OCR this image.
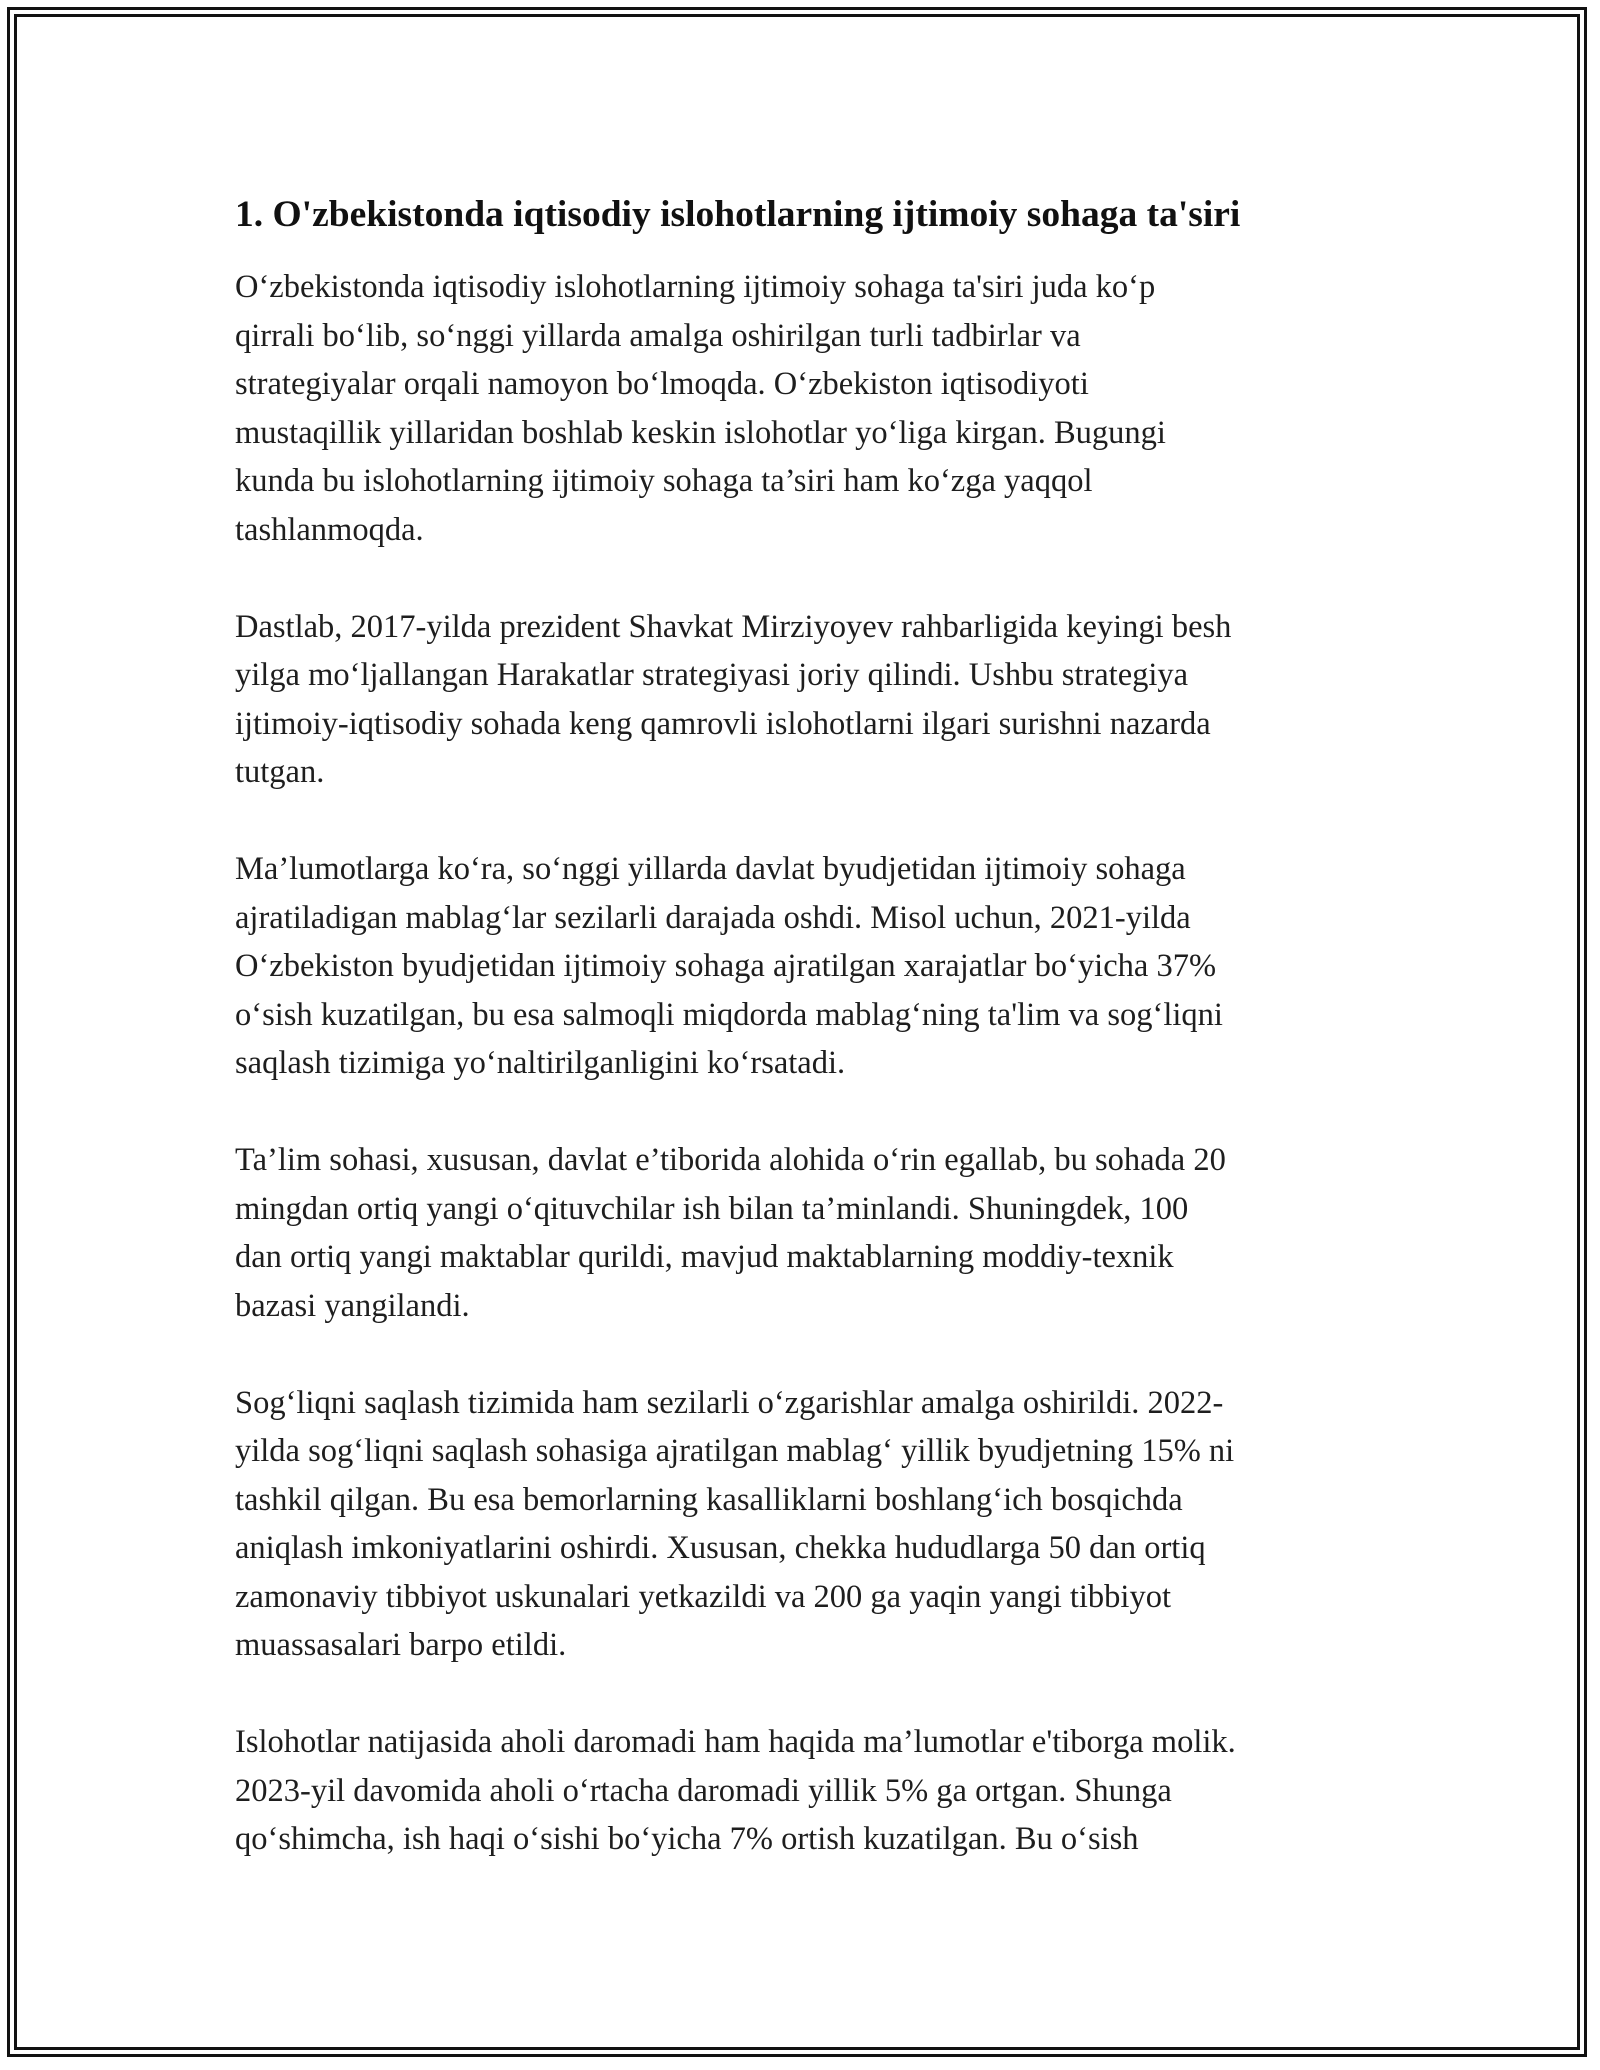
1. O'zbekistonda iqtisodiy islohotlarning ijtimoiy sohaga ta'siri

O‘zbekistonda iqtisodiy islohotlarning ijtimoiy sohaga ta'siri juda ko‘p
qirrali bo‘lib, so‘nggi yillarda amalga oshirilgan turli tadbirlar va
strategiyalar orqali namoyon bo‘lmoqda. O‘zbekiston iqtisodiyoti
mustaqillik yillaridan boshlab keskin islohotlar yo‘liga kirgan. Bugungi
kunda bu islohotlarning ijtimoiy sohaga ta’siri ham ko‘zga yaqqol
tashlanmoqda.

Dastlab, 2017-yilda prezident Shavkat Mirziyoyev rahbarligida keyingi besh
yilga mo‘ljallangan Harakatlar strategiyasi joriy qilindi. Ushbu strategiya
ijtimoiy-iqtisodiy sohada keng qamrovli islohotlarni ilgari surishni nazarda
tutgan.

Ma’lumotlarga ko‘ra, so‘nggi yillarda davlat byudjetidan ijtimoiy sohaga
ajratiladigan mablag‘lar sezilarli darajada oshdi. Misol uchun, 2021-yilda
O‘zbekiston byudjetidan ijtimoiy sohaga ajratilgan xarajatlar bo‘yicha 37%
o‘sish kuzatilgan, bu esa salmoqli miqdorda mablag‘ning ta'lim va sog‘liqni
saqlash tizimiga yo‘naltirilganligini ko‘rsatadi.

Ta’lim sohasi, xususan, davlat e’tiborida alohida o‘rin egallab, bu sohada 20
mingdan ortiq yangi o‘qituvchilar ish bilan ta’minlandi. Shuningdek, 100
dan ortiq yangi maktablar qurildi, mavjud maktablarning moddiy-texnik
bazasi yangilandi.

Sog‘liqni saqlash tizimida ham sezilarli o‘zgarishlar amalga oshirildi. 2022-
yilda sog‘liqni saqlash sohasiga ajratilgan mablag‘ yillik byudjetning 15% ni
tashkil qilgan. Bu esa bemorlarning kasalliklarni boshlang‘ich bosqichda
aniqlash imkoniyatlarini oshirdi. Xususan, chekka hududlarga 50 dan ortiq
zamonaviy tibbiyot uskunalari yetkazildi va 200 ga yaqin yangi tibbiyot
muassasalari barpo etildi.

Islohotlar natijasida aholi daromadi ham haqida ma’lumotlar e'tiborga molik.
2023-yil davomida aholi o‘rtacha daromadi yillik 5% ga ortgan. Shunga
qo‘shimcha, ish haqi o‘sishi bo‘yicha 7% ortish kuzatilgan. Bu o‘sish
